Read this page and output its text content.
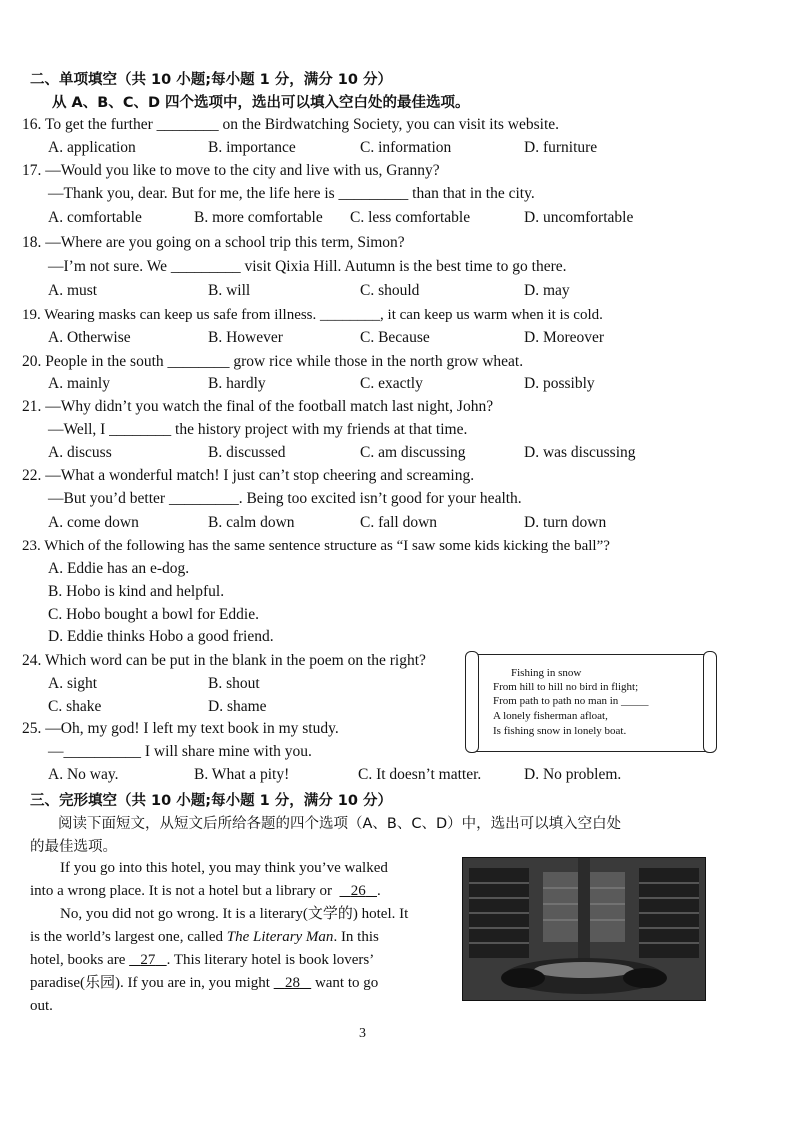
二、单项填空（共 10 小题;每小题 1 分，满分 10 分）
从 A、B、C、D 四个选项中，选出可以填入空白处的最佳选项。
16. To get the further ________ on the Birdwatching Society, you can visit its website.
A. application	B. importance	C. information	D. furniture
17. —Would you like to move to the city and live with us, Granny?
—Thank you, dear. But for me, the life here is _________ than that in the city.
A. comfortable	B. more comfortable C. less comfortable	D. uncomfortable
18. —Where are you going on a school trip this term, Simon?
—I’m not sure. We _________ visit Qixia Hill. Autumn is the best time to go there.
A. must	B. will	C. should	D. may
19. Wearing masks can keep us safe from illness. ________, it can keep us warm when it is cold.
A. Otherwise	B. However	C. Because	D. Moreover
20. People in the south ________ grow rice while those in the north grow wheat.
A. mainly	B. hardly	C. exactly	D. possibly
21. —Why didn’t you watch the final of the football match last night, John?
—Well, I ________ the history project with my friends at that time.
A. discuss	B. discussed	C. am discussing	D. was discussing
22. —What a wonderful match! I just can’t stop cheering and screaming.
—But you’d better _________. Being too excited isn’t good for your health.
A. come down	B. calm down	C. fall down	D. turn down
23. Which of the following has the same sentence structure as “I saw some kids kicking the ball”?
A. Eddie has an e-dog.
B. Hobo is kind and helpful.
C. Hobo bought a bowl for Eddie.
D. Eddie thinks Hobo a good friend.
24. Which word can be put in the blank in the poem on the right?
A. sight	B. shout
C. shake	D. shame
Fishing in snow
From hill to hill no bird in flight;
From path to path no man in _____
A lonely fisherman afloat,
Is fishing snow in lonely boat.
25. —Oh, my god! I left my text book in my study.
—__________ I will share mine with you.
A. No way.	B. What a pity!	C. It doesn’t matter.	D. No problem.
三、完形填空（共 10 小题;每小题 1 分，满分 10 分）
阅读下面短文，从短文后所给各题的四个选项（A、B、C、D）中，选出可以填入空白处
的最佳选项。
If you go into this hotel, you may think you’ve walked
into a wrong place. It is not a hotel but a library or 26 .
No, you did not go wrong. It is a literary(文学的) hotel. It
is the world’s largest one, called The Literary Man. In this
hotel, books are 27 . This literary hotel is book lovers’
paradise(乐园). If you are in, you might 28 want to go
out.
3
